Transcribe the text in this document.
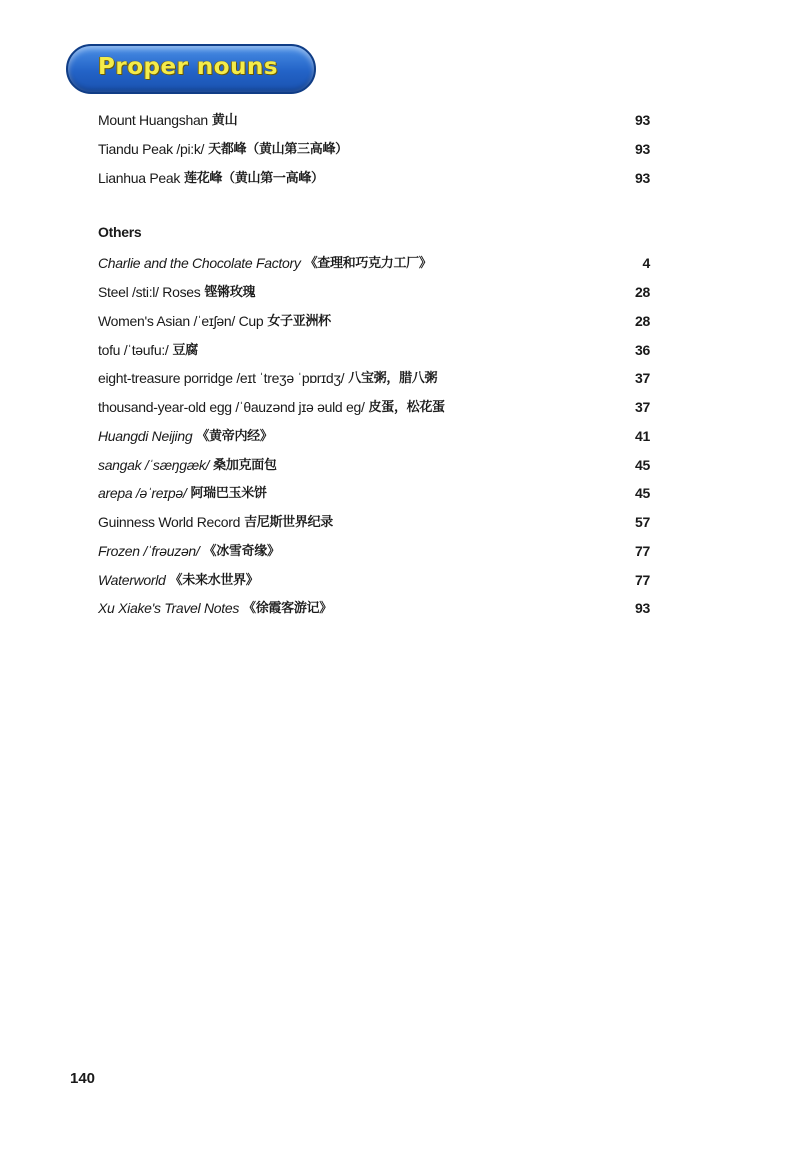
Proper nouns
Mount Huangshan 黄山	93
Tiandu Peak /pi:k/ 天都峰（黄山第三高峰）	93
Lianhua Peak 莲花峰（黄山第一高峰）	93
Others
Charlie and the Chocolate Factory 《查理和巧克力工厂》	4
Steel /sti:l/ Roses 铿锵玫瑰	28
Women's Asian /ˈeɪʃən/ Cup 女子亚洲杯	28
tofu /ˈtəufu:/ 豆腐	36
eight-treasure porridge /eɪt ˈtreʒə ˈpɒrɪdʒ/ 八宝粥，腊八粥	37
thousand-year-old egg /ˈθauzənd jɪə əuld eg/ 皮蛋，松花蛋	37
Huangdi Neijing 《黄帝内经》	41
sangak /ˈsæŋgæk/ 桑加克面包	45
arepa /əˈreɪpə/ 阿瑞巴玉米饼	45
Guinness World Record 吉尼斯世界纪录	57
Frozen /ˈfrəuzən/ 《冰雪奇缘》	77
Waterworld 《未来水世界》	77
Xu Xiake's Travel Notes 《徐霞客游记》	93
140
